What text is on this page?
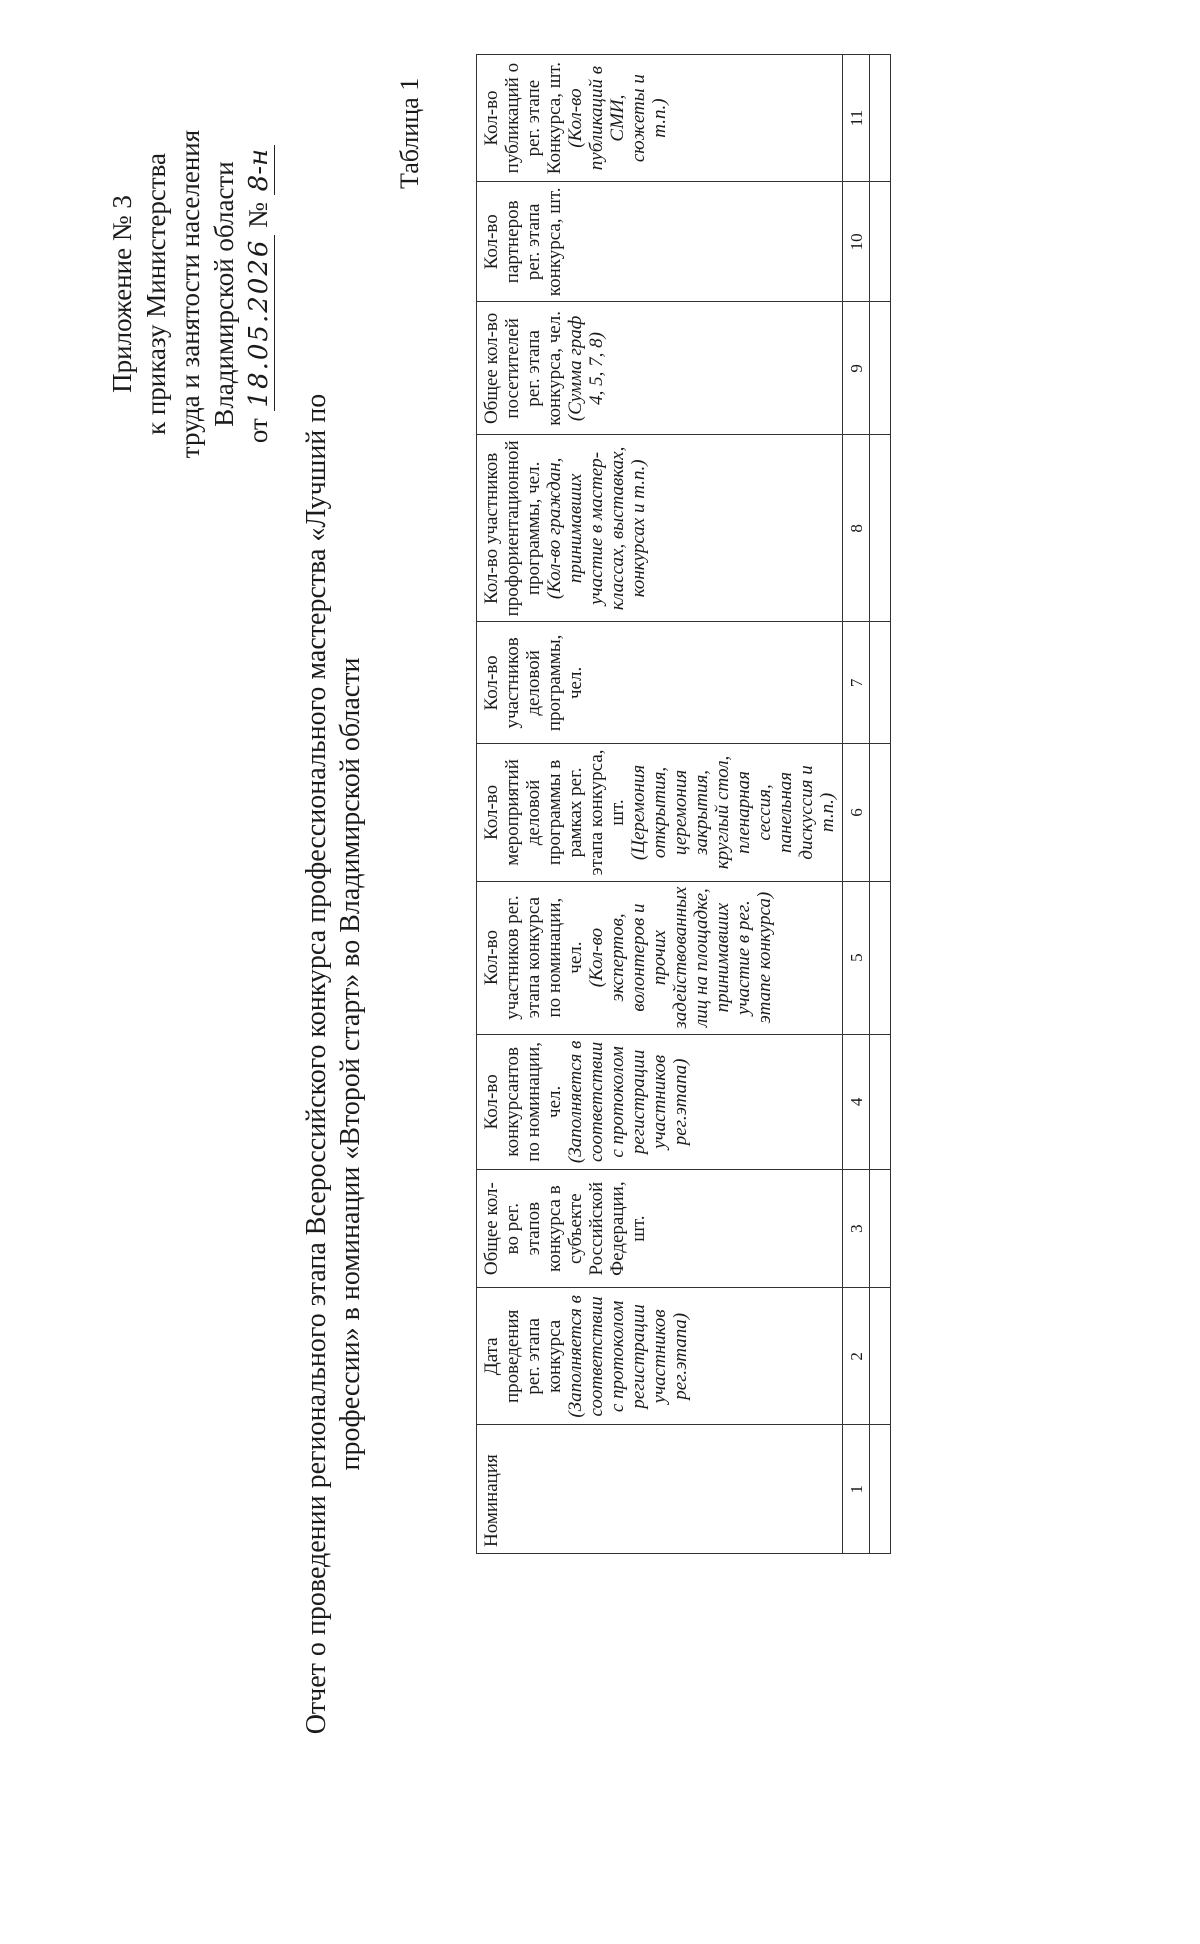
Приложение № 3 к приказу Министерства труда и занятости населения Владимирской области
от 18.05.2026 № 8-н
Отчет о проведении регионального этапа Всероссийского конкурса профессионального мастерства «Лучший по профессии» в номинации «Второй старт» во Владимирской области
Таблица 1
Номинация	Дата проведения рег. этапа конкурса (Заполняется в соответствии с протоколом регистрации участников рег.этапа)	Общее кол-во рег. этапов конкурса в субъекте Российской Федерации, шт.	Кол-во конкурсантов по номинации, чел. (Заполняется в соответствии с протоколом регистрации участников рег.этапа)	Кол-во участников рег. этапа конкурса по номинации, чел. (Кол-во экспертов, волонтеров и прочих задействованных лиц на площадке, принимавших участие в рег. этапе конкурса)	Кол-во мероприятий деловой программы в рамках рег. этапа конкурса, шт. (Церемония открытия, церемония закрытия, круглый стол, пленарная сессия, панельная дискуссия и т.п.)	Кол-во участников деловой программы, чел.	Кол-во участников профориентационной программы, чел. (Кол-во граждан, принимавших участие в мастер-классах, выставках, конкурсах и т.п.)	Общее кол-во посетителей рег. этапа конкурса, чел. (Сумма граф 4, 5, 7, 8)	Кол-во партнеров рег. этапа конкурса, шт.	Кол-во публикаций о рег. этапе Конкурса, шт. (Кол-во публикаций в СМИ, сюжеты и т.п.)

1	2	3	4	5	6	7	8	9	10	11
